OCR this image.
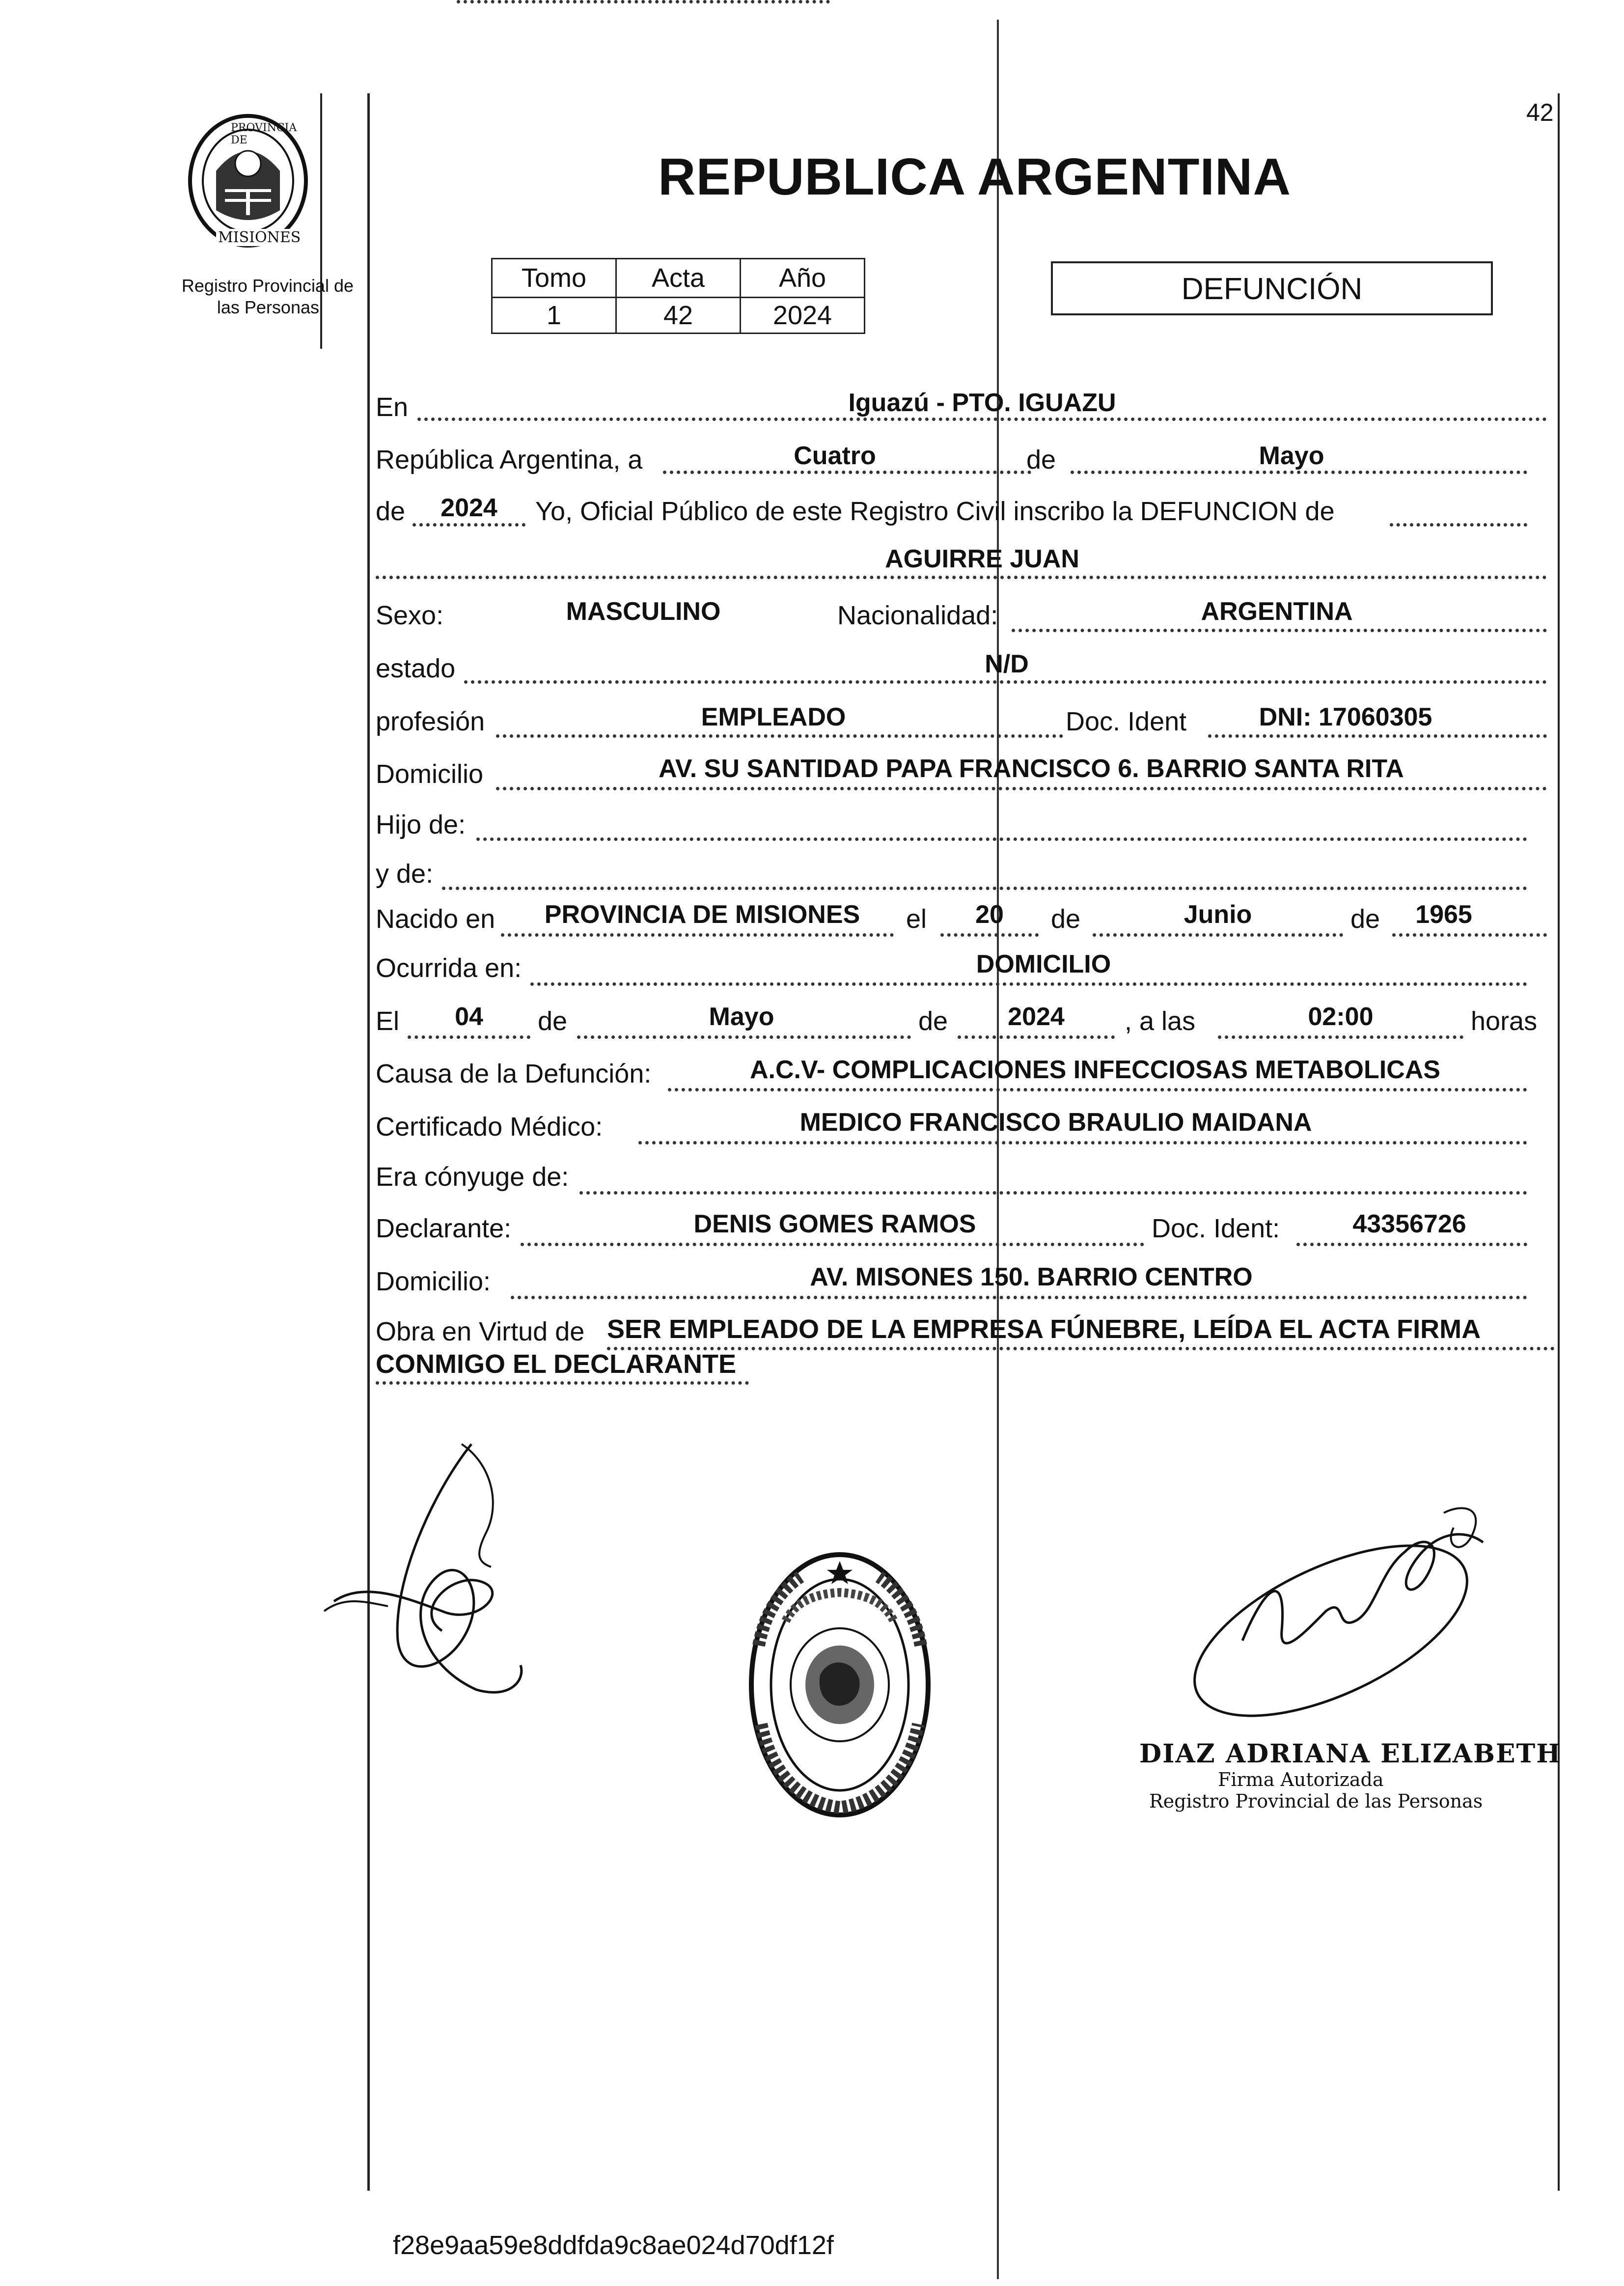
42
PROVINCIA DE
MISIONES
Registro Provincial de
las Personas
REPUBLICA ARGENTINA
Tomo	Acta	Año
1	42	2024
DEFUNCIÓN
En	Iguazú - PTO. IGUAZU
República Argentina, a	Cuatro	de	Mayo
de	2024	Yo, Oficial Público de este Registro Civil inscribo la DEFUNCION de
AGUIRRE JUAN
Sexo:	MASCULINO	Nacionalidad:	ARGENTINA
estado	N/D
profesión	EMPLEADO	Doc. Ident	DNI: 17060305
Domicilio	AV. SU SANTIDAD PAPA FRANCISCO 6. BARRIO SANTA RITA
Hijo de:
y de:
Nacido en	PROVINCIA DE MISIONES	el	20	de	Junio	de	1965
Ocurrida en:	DOMICILIO
El	04	de	Mayo	de	2024	, a las	02:00	horas
Causa de la Defunción:	A.C.V- COMPLICACIONES INFECCIOSAS METABOLICAS
Certificado Médico:	MEDICO FRANCISCO BRAULIO MAIDANA
Era cónyuge de:
Declarante:	DENIS GOMES RAMOS	Doc. Ident:	43356726
Domicilio:	AV. MISONES 150. BARRIO CENTRO
Obra en Virtud de SER EMPLEADO DE LA EMPRESA FÚNEBRE, LEÍDA EL ACTA FIRMA
CONMIGO EL DECLARANTE
DIAZ ADRIANA ELIZABETH
Firma Autorizada
Registro Provincial de las Personas
f28e9aa59e8ddfda9c8ae024d70df12f
